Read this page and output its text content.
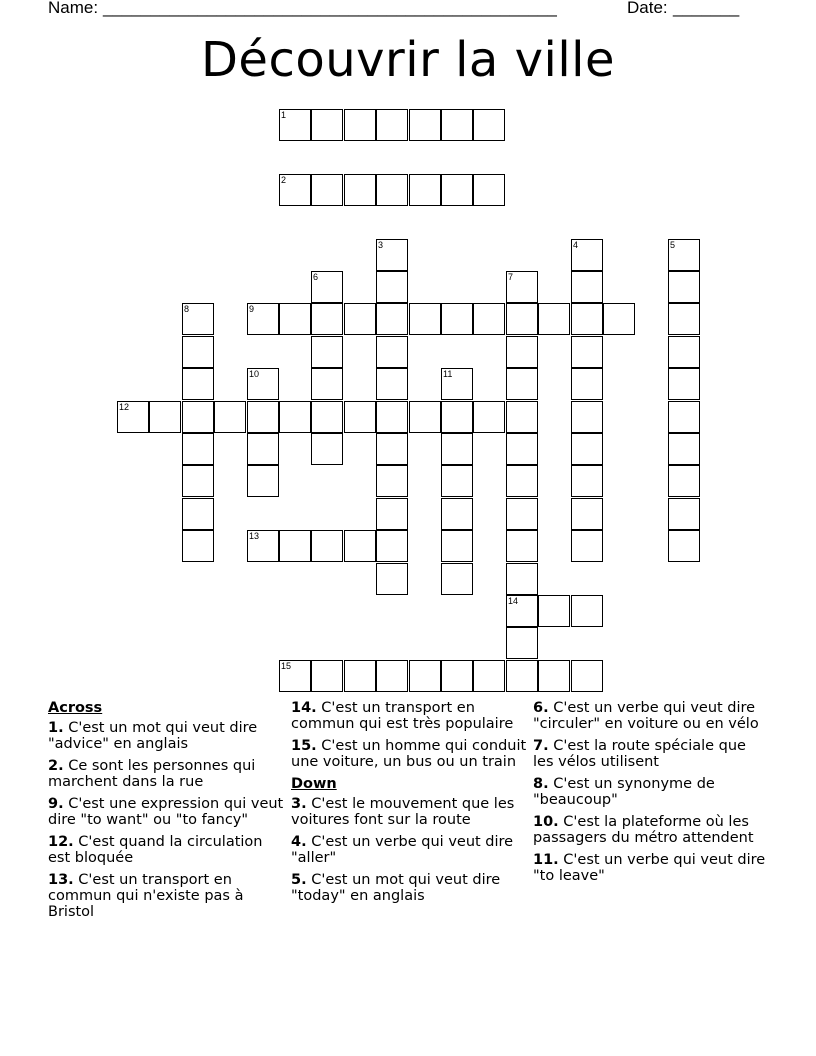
Name: ________________________________________________	Date: _______
Découvrir la ville
1
2
3	4	5
6	7
14
8	9
10	11
12
13
15
Across
1. C'est un mot qui veut dire "advice" en anglais
2. Ce sont les personnes qui marchent dans la rue
9. C'est une expression qui veut dire "to want" ou "to fancy"
12. C'est quand la circulation est bloquée
13. C'est un transport en commun qui n'existe pas à Bristol
14. C'est un transport en commun qui est très populaire
15. C'est un homme qui conduit une voiture, un bus ou un train
Down
3. C'est le mouvement que les voitures font sur la route
4. C'est un verbe qui veut dire "aller"
5. C'est un mot qui veut dire "today" en anglais
6. C'est un verbe qui veut dire "circuler" en voiture ou en vélo
7. C'est la route spéciale que les vélos utilisent
8. C'est un synonyme de "beaucoup"
10. C'est la plateforme où les passagers du métro attendent
11. C'est un verbe qui veut dire "to leave"
